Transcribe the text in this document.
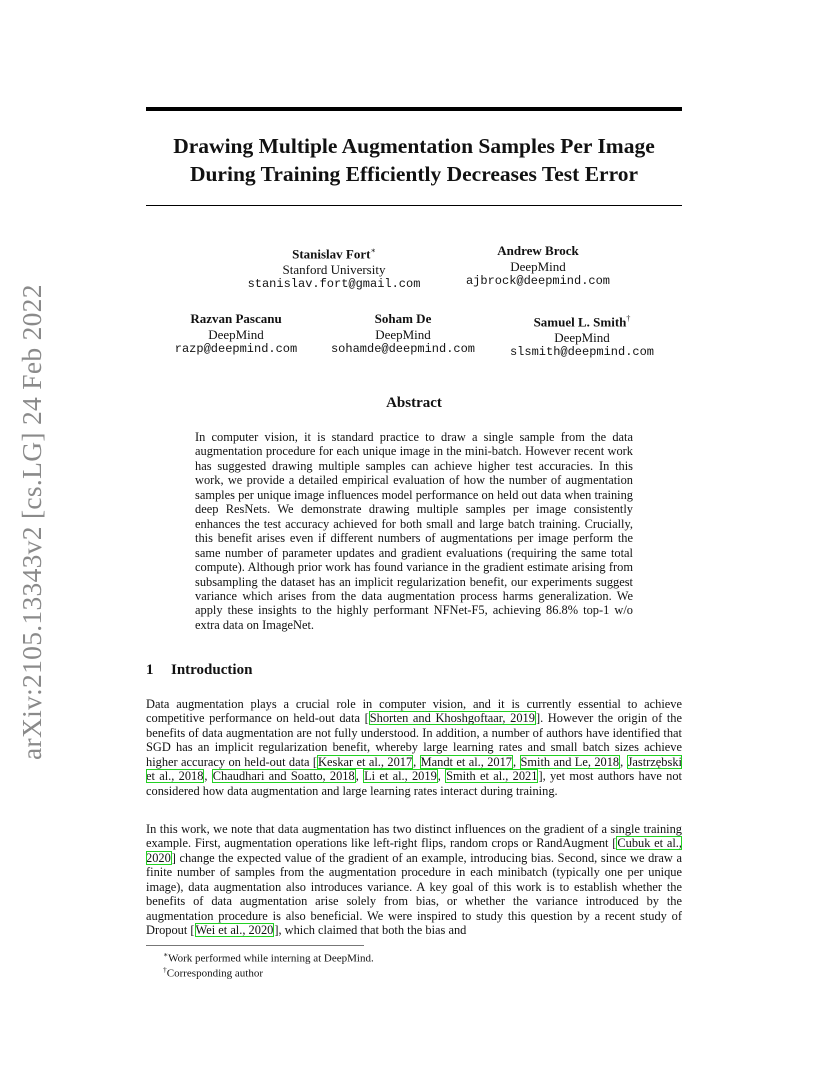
arXiv:2105.13343v2 [cs.LG] 24 Feb 2022
Drawing Multiple Augmentation Samples Per Image
During Training Efficiently Decreases Test Error
Stanislav Fort∗
Stanford University
stanislav.fort@gmail.com
Andrew Brock
DeepMind
ajbrock@deepmind.com
Razvan Pascanu
DeepMind
razp@deepmind.com
Soham De
DeepMind
sohamde@deepmind.com
Samuel L. Smith†
DeepMind
slsmith@deepmind.com
Abstract

In computer vision, it is standard practice to draw a single sample from the data augmentation procedure for each unique image in the mini-batch. However recent work has suggested drawing multiple samples can achieve higher test accuracies. In this work, we provide a detailed empirical evaluation of how the number of augmentation samples per unique image influences model performance on held out data when training deep ResNets. We demonstrate drawing multiple samples per image consistently enhances the test accuracy achieved for both small and large batch training. Crucially, this benefit arises even if different numbers of augmentations per image perform the same number of parameter updates and gradient evaluations (requiring the same total compute). Although prior work has found variance in the gradient estimate arising from subsampling the dataset has an implicit regularization benefit, our experiments suggest variance which arises from the data augmentation process harms generalization. We apply these insights to the highly performant NFNet-F5, achieving 86.8% top-1 w/o extra data on ImageNet.

1 Introduction

Data augmentation plays a crucial role in computer vision, and it is currently essential to achieve competitive performance on held-out data [Shorten and Khoshgoftaar, 2019]. However the origin of the benefits of data augmentation are not fully understood. In addition, a number of authors have identified that SGD has an implicit regularization benefit, whereby large learning rates and small batch sizes achieve higher accuracy on held-out data [Keskar et al., 2017, Mandt et al., 2017, Smith and Le, 2018, Jastrzębski et al., 2018, Chaudhari and Soatto, 2018, Li et al., 2019, Smith et al., 2021], yet most authors have not considered how data augmentation and large learning rates interact during training.

In this work, we note that data augmentation has two distinct influences on the gradient of a single training example. First, augmentation operations like left-right flips, random crops or RandAugment [Cubuk et al., 2020] change the expected value of the gradient of an example, introducing bias. Second, since we draw a finite number of samples from the augmentation procedure in each minibatch (typically one per unique image), data augmentation also introduces variance. A key goal of this work is to establish whether the benefits of data augmentation arise solely from bias, or whether the variance introduced by the augmentation procedure is also beneficial. We were inspired to study this question by a recent study of Dropout [Wei et al., 2020], which claimed that both the bias and

∗Work performed while interning at DeepMind.

†Corresponding author
